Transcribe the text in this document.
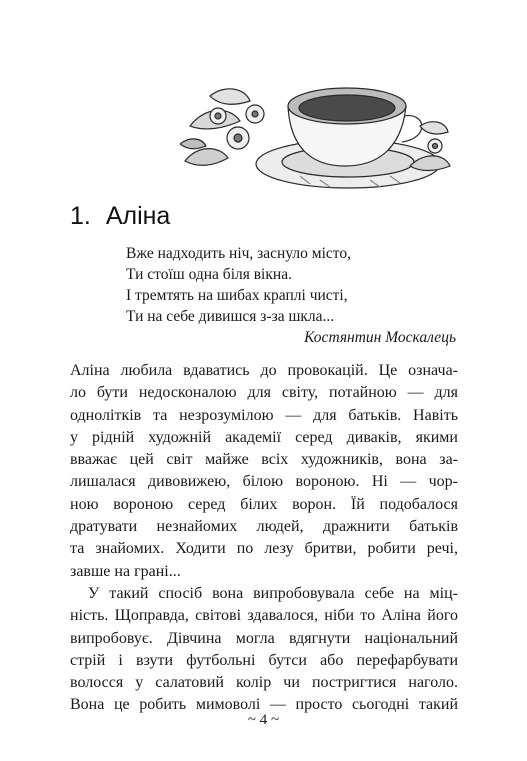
1. Аліна
Вже надходить ніч, заснуло місто,
Ти стоїш одна біля вікна.
І тремтять на шибах краплі чисті,
Ти на себе дивишся з-за шкла...
Костянтин Москалець

Аліна любила вдаватись до провокацій. Це означа-
ло бути недосконалою для світу, потайною — для
однолітків та незрозумілою — для батьків. Навіть
у рідній художній академії серед диваків, якими
вважає цей світ майже всіх художників, вона за-
лишалася дивовижею, білою вороною. Ні — чор-
ною вороною серед білих ворон. Їй подобалося
дратувати незнайомих людей, дражнити батьків
та знайомих. Ходити по лезу бритви, робити речі,
завше на грані...

У такий спосіб вона випробовувала себе на міц-
ність. Щоправда, світові здавалося, ніби то Аліна його
випробовує. Дівчина могла вдягнути національний
стрій і взути футбольні бутси або перефарбувати
волосся у салатовий колір чи постригтися наголо.
Вона це робить мимоволі — просто сьогодні такий

~ 4 ~
